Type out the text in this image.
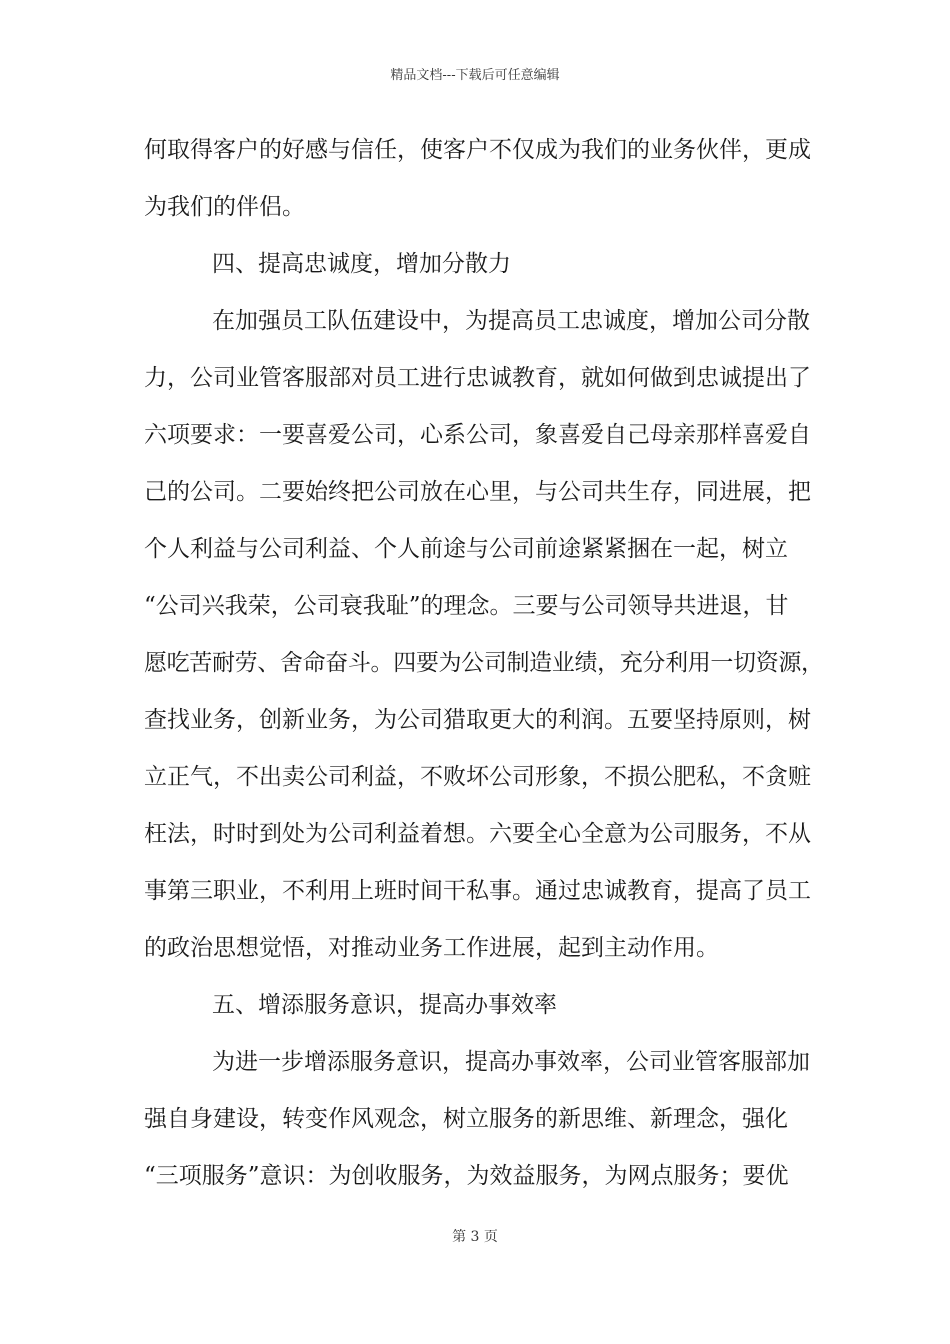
精品文档---下载后可任意编辑
何取得客户的好感与信任，使客户不仅成为我们的业务伙伴，更成
为我们的伴侣。
四、提高忠诚度，增加分散力
在加强员工队伍建设中，为提高员工忠诚度，增加公司分散
力，公司业管客服部对员工进行忠诚教育，就如何做到忠诚提出了
六项要求：一要喜爱公司，心系公司，象喜爱自己母亲那样喜爱自
己的公司。二要始终把公司放在心里，与公司共生存，同进展，把
个人利益与公司利益、个人前途与公司前途紧紧捆在一起，树立
“公司兴我荣，公司衰我耻”的理念。三要与公司领导共进退，甘
愿吃苦耐劳、舍命奋斗。四要为公司制造业绩，充分利用一切资源，
查找业务，创新业务，为公司猎取更大的利润。五要坚持原则，树
立正气，不出卖公司利益，不败坏公司形象，不损公肥私，不贪赃
枉法，时时到处为公司利益着想。六要全心全意为公司服务，不从
事第三职业，不利用上班时间干私事。通过忠诚教育，提高了员工
的政治思想觉悟，对推动业务工作进展，起到主动作用。
五、增添服务意识，提高办事效率
为进一步增添服务意识，提高办事效率，公司业管客服部加
强自身建设，转变作风观念，树立服务的新思维、新理念，强化
“三项服务”意识：为创收服务，为效益服务，为网点服务；要优
第 3 页
